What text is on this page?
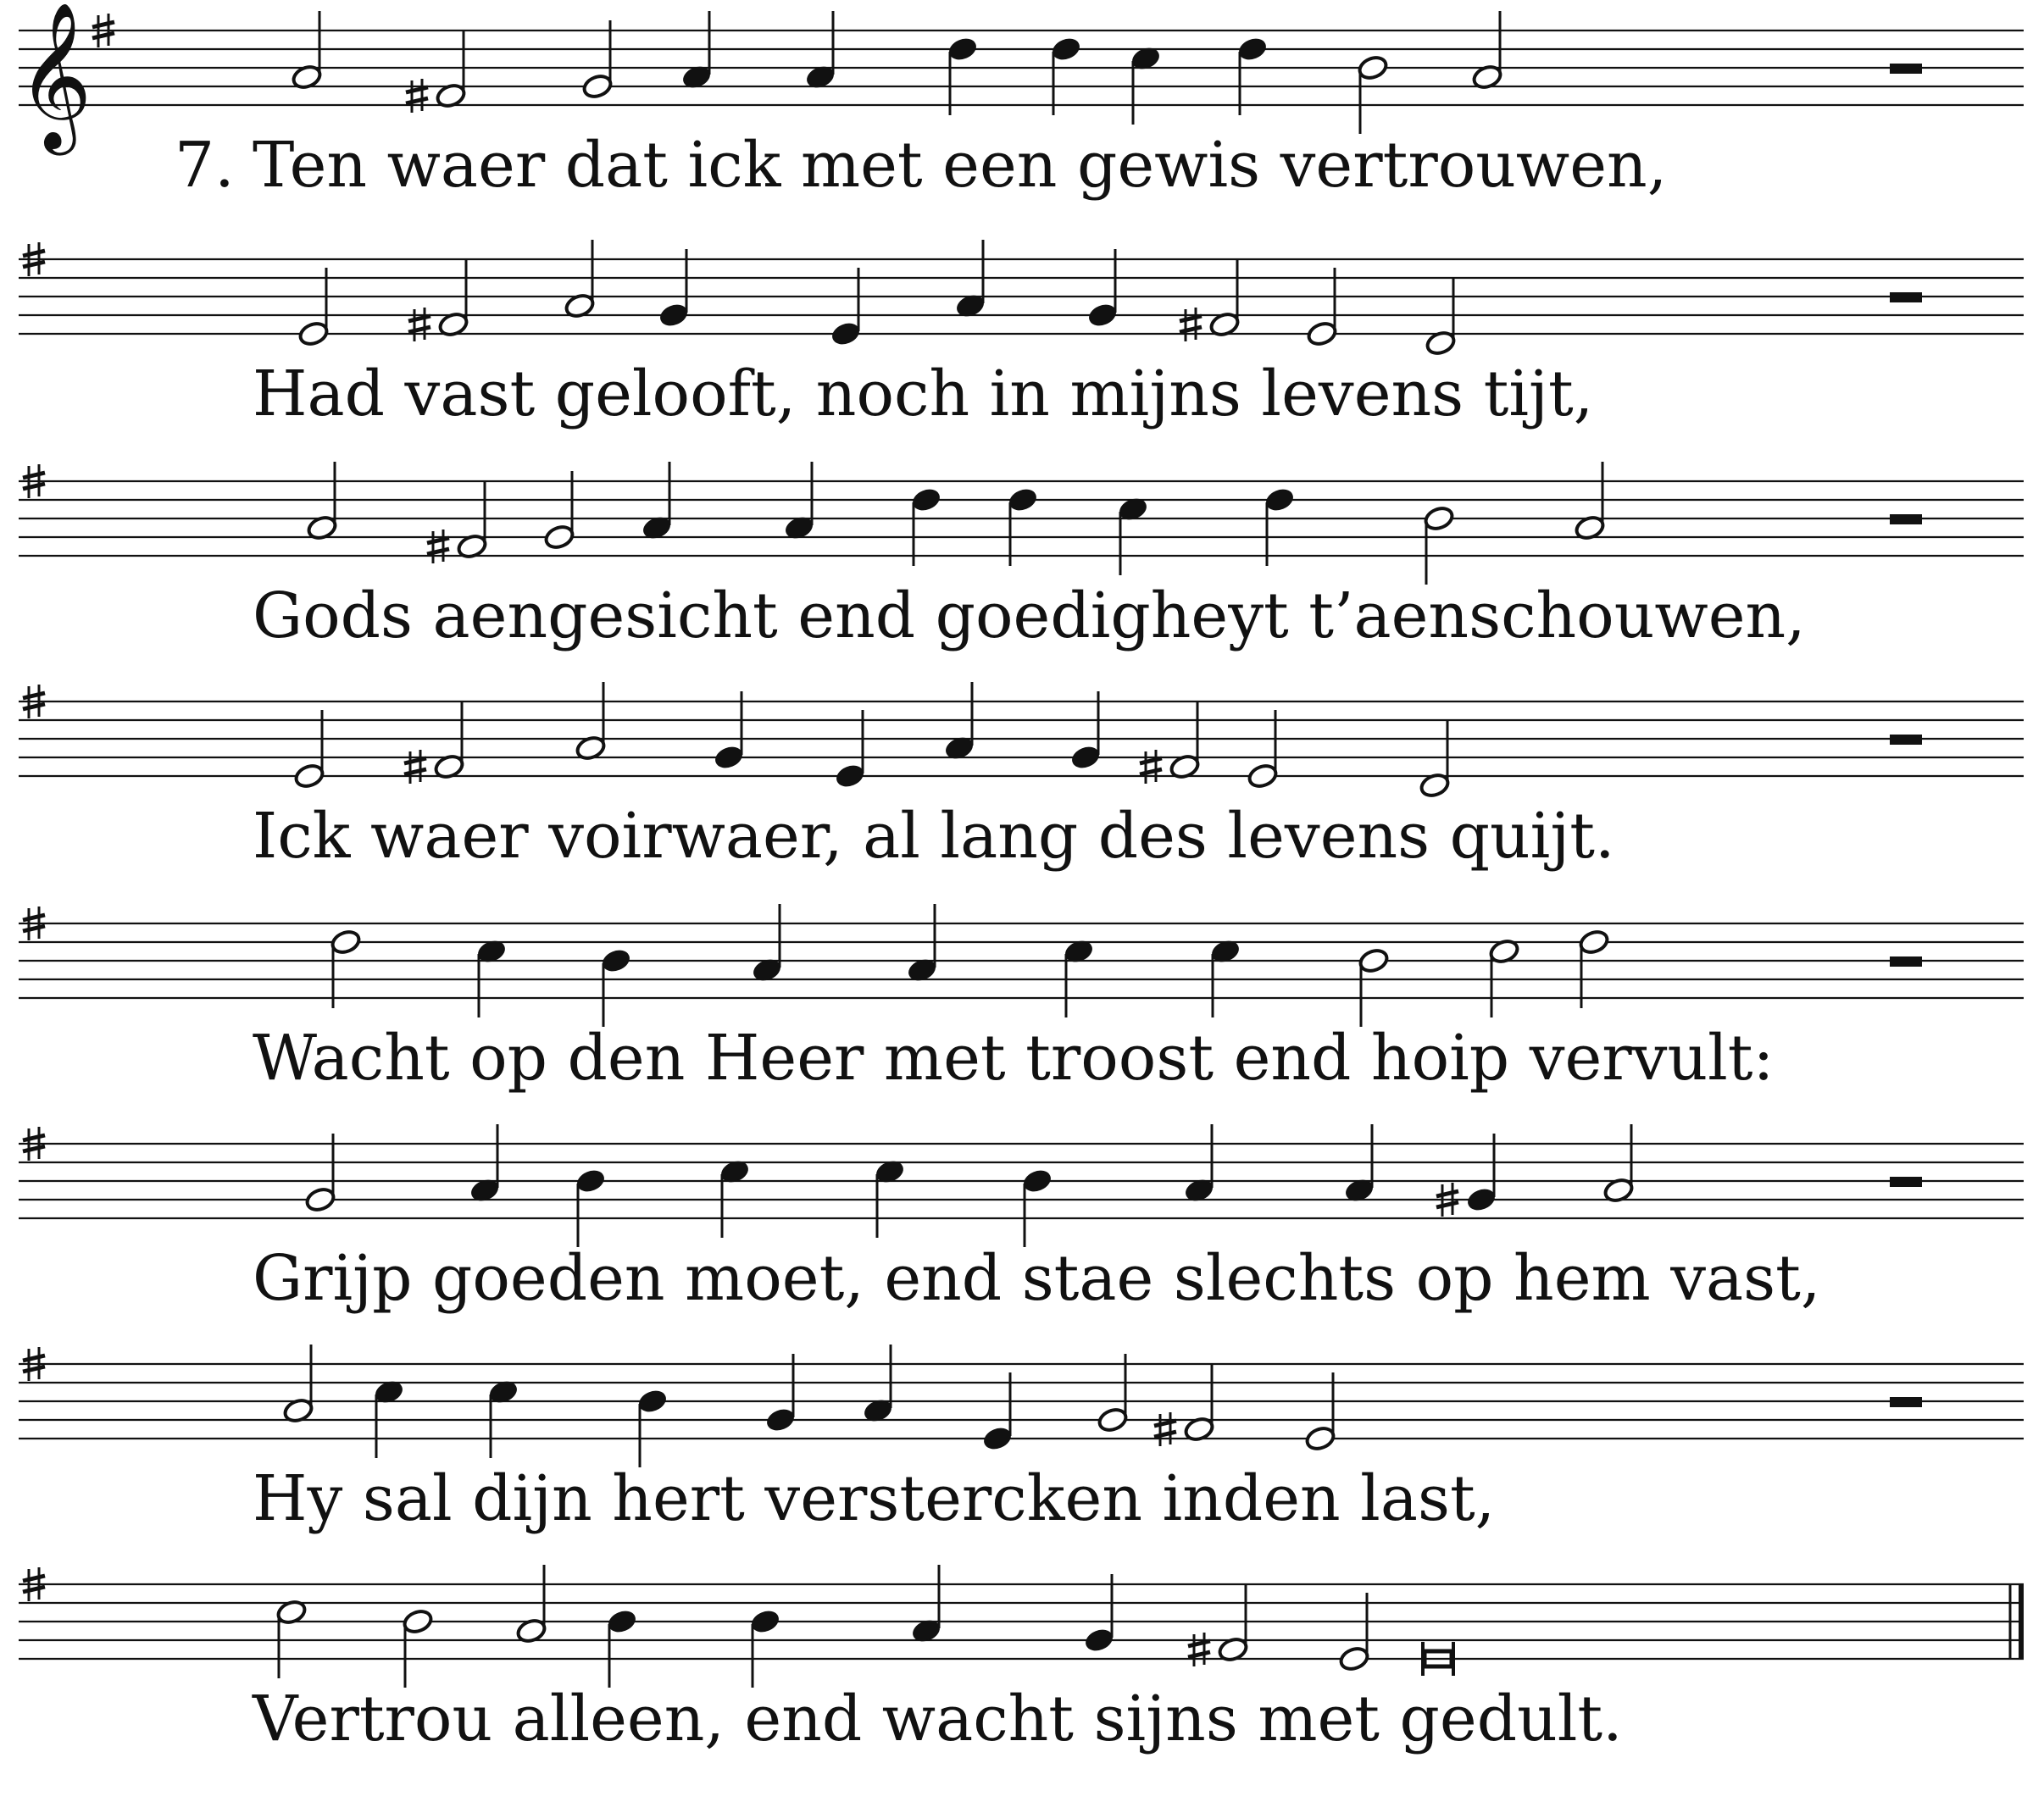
𝄞
Ten waer dat ick met een gewis vertrouwen,
Had vast gelooft, noch in mijns levens tijt,
Gods aengesicht end goedigheyt t’aenschouwen,
Ick waer voirwaer, al lang des levens quijt.
Wacht op den Heer met troost end hoip vervult:
Grijp goeden moet, end stae slechts op hem vast,
Hy sal dijn hert verstercken inden last,
Vertrou alleen, end wacht sijns met gedult.
7.
